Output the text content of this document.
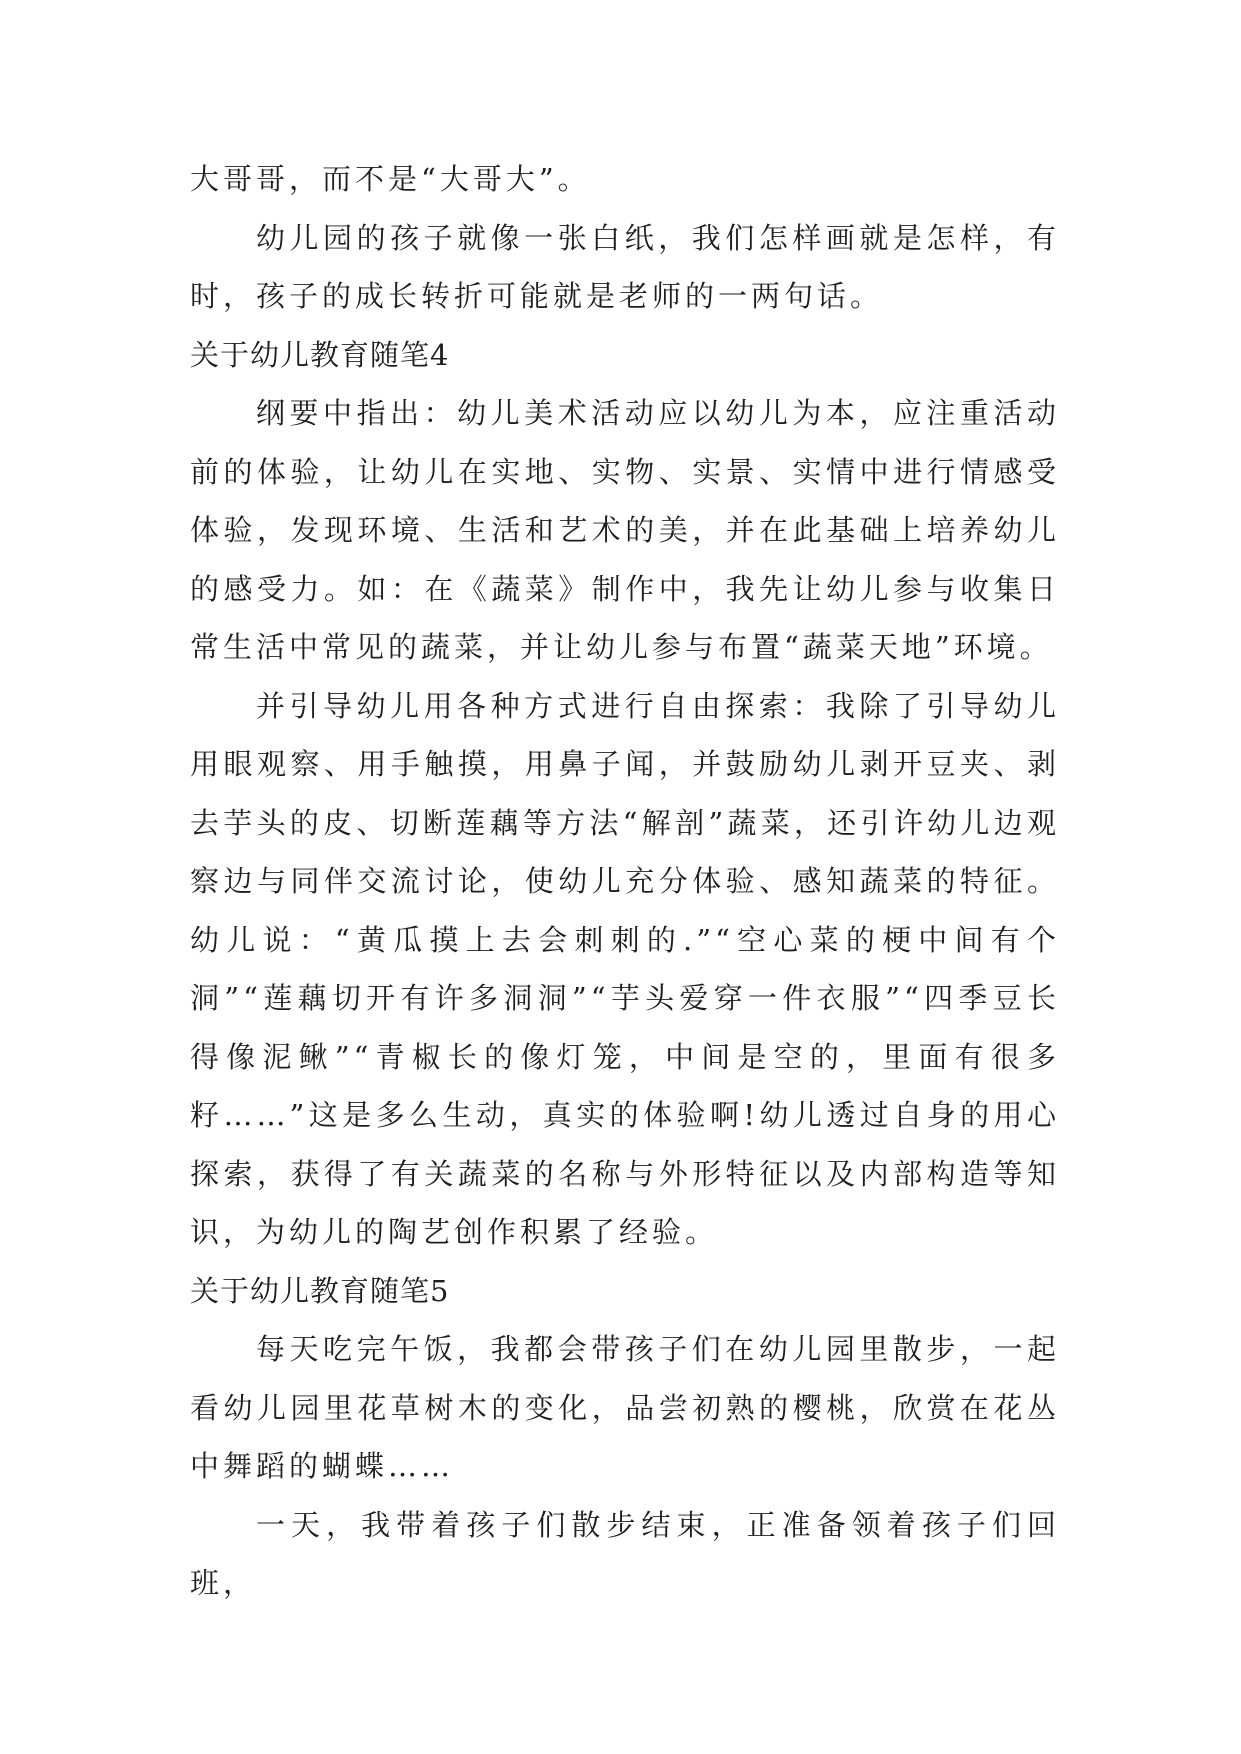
大哥哥，而不是“大哥大”。

幼儿园的孩子就像一张白纸，我们怎样画就是怎样，有时，孩子的成长转折可能就是老师的一两句话。

关于幼儿教育随笔4

纲要中指出：幼儿美术活动应以幼儿为本，应注重活动前的体验，让幼儿在实地、实物、实景、实情中进行情感受体验，发现环境、生活和艺术的美，并在此基础上培养幼儿的感受力。如：在《蔬菜》制作中，我先让幼儿参与收集日常生活中常见的蔬菜，并让幼儿参与布置“蔬菜天地”环境。

并引导幼儿用各种方式进行自由探索：我除了引导幼儿用眼观察、用手触摸，用鼻子闻，并鼓励幼儿剥开豆夹、剥去芋头的皮、切断莲藕等方法“解剖”蔬菜，还引许幼儿边观察边与同伴交流讨论，使幼儿充分体验、感知蔬菜的特征。幼儿说：“黄瓜摸上去会刺刺的.”“空心菜的梗中间有个洞”“莲藕切开有许多洞洞”“芋头爱穿一件衣服”“四季豆长得像泥鳅”“青椒长的像灯笼，中间是空的，里面有很多籽……”这是多么生动，真实的体验啊!幼儿透过自身的用心探索，获得了有关蔬菜的名称与外形特征以及内部构造等知识，为幼儿的陶艺创作积累了经验。

关于幼儿教育随笔5

每天吃完午饭，我都会带孩子们在幼儿园里散步，一起看幼儿园里花草树木的变化，品尝初熟的樱桃，欣赏在花丛中舞蹈的蝴蝶……

一天，我带着孩子们散步结束，正准备领着孩子们回班，
